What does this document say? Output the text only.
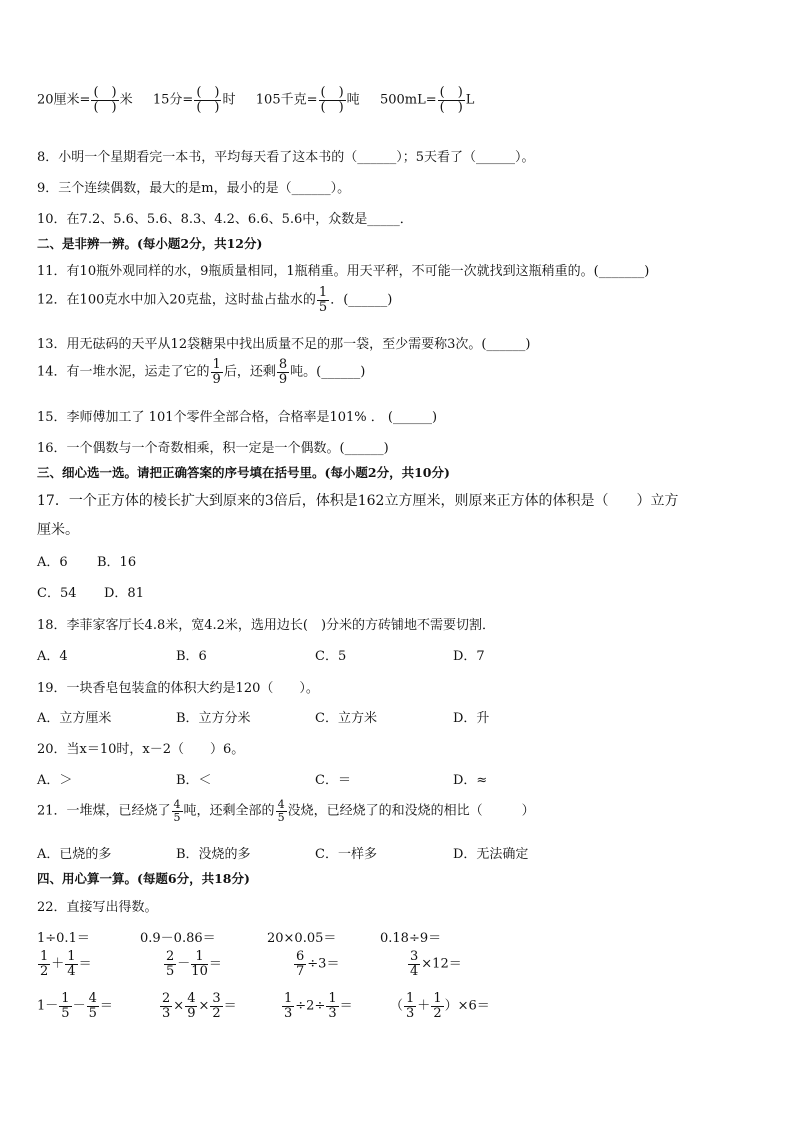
20厘米= $\frac{( )}{( )}$ 米 15分= $\frac{( )}{( )}$ 时 105千克= $\frac{( )}{( )}$ 吨 $500mL= \frac{( )}{( )}$ L
8．小明一个星期看完一本书，平均每天看了这本书的（______）；5天看了（______）。
9．三个连续偶数，最大的是m，最小的是（______）。
10．在7.2、5.6、5.6、8.3、4.2、6.6、5.6中，众数是_____．
二、是非辨一辨。(每小题2分，共12分)
11．有10瓶外观同样的水，9瓶质量相同，1瓶稍重。用天平秤，不可能一次就找到这瓶稍重的。(_______)
12．在100克水中加入20克盐，这时盐占盐水的 $\frac{1}{5}$ ．(______)
13．用无砝码的天平从12袋糖果中找出质量不足的那一袋，至少需要称3次。(______)
14．有一堆水泥，运走了它的 $\frac{1}{9}$ 后，还剩 $\frac{8}{9}$ 吨。(______)
15．李师傅加工了 101个零件全部合格，合格率是101% ． (______)
16．一个偶数与一个奇数相乘，积一定是一个偶数。(______)
三、细心选一选。请把正确答案的序号填在括号里。(每小题2分，共10分)
17．一个正方体的棱长扩大到原来的3倍后，体积是162立方厘米，则原来正方体的体积是（　　）立方
厘米。
A．6 B．16
C．54 D．81
18．李菲家客厅长4.8米，宽4.2米，选用边长(　)分米的方砖铺地不需要切割．
A．4	B．6	C．5	D．7
19．一块香皂包装盒的体积大约是120（　　）。
A．立方厘米	B．立方分米	C．立方米	D．升
20．当x＝10时，x－2（　　）6。
A．＞	B．＜	C．＝	D．≈
21．一堆煤，已经烧了 $\frac{4}{5}$ 吨，还剩全部的 $\frac{4}{5}$ 没烧，已经烧了的和没烧的相比（　　　）
A．已烧的多	B．没烧的多	C．一样多	D．无法确定
四、用心算一算。(每题6分，共18分)
22．直接写出得数。
1÷0.1＝	0.9－0.86＝	20×0.05＝	0.18÷9＝
$\frac{1}{2} + \frac{1}{4}$ ＝	$\frac{2}{5} - \frac{1}{10}$ ＝	$\frac{6}{7} \div 3=$	$\frac{3}{4} \times 12=$
$1- \frac{1}{5} - \frac{4}{5}$ ＝	$\frac{2}{3} \times \frac{4}{9} \times \frac{3}{2}$ ＝	$\frac{1}{3} \div 2\div \frac{1}{3}$ ＝	（ $\frac{1}{3} + \frac{1}{2} )\times 6=$
